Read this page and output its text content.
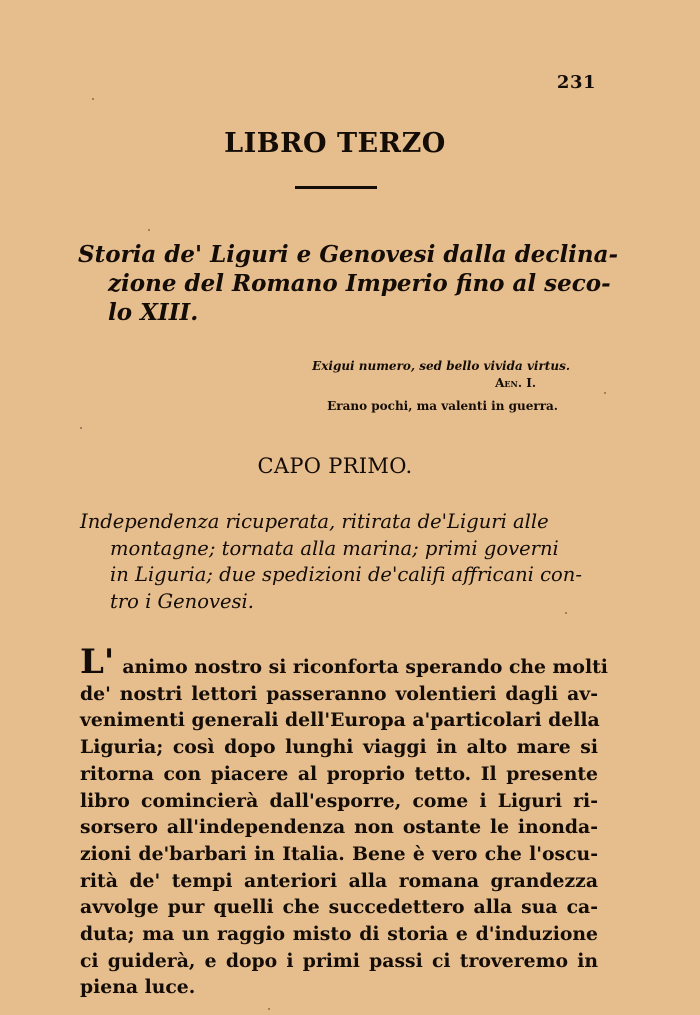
231
LIBRO TERZO
Storia de' Liguri e Genovesi dalla declina-
zione del Romano Imperio fino al seco-
lo XIII.
Exigui numero, sed bello vivida virtus.
Aen. I.
Erano pochi, ma valenti in guerra.
CAPO PRIMO.
Independenza ricuperata, ritirata de'Liguri alle
montagne; tornata alla marina; primi governi
in Liguria; due spedizioni de'califi affricani con-
tro i Genovesi.
L' animo nostro si riconforta sperando che molti
de' nostri lettori passeranno volentieri dagli av-
venimenti generali dell'Europa a'particolari della
Liguria; così dopo lunghi viaggi in alto mare si
ritorna con piacere al proprio tetto. Il presente
libro comincierà dall'esporre, come i Liguri ri-
sorsero all'independenza non ostante le inonda-
zioni de'barbari in Italia. Bene è vero che l'oscu-
rità de' tempi anteriori alla romana grandezza
avvolge pur quelli che succedettero alla sua ca-
duta; ma un raggio misto di storia e d'induzione
ci guiderà, e dopo i primi passi ci troveremo in
piena luce.
